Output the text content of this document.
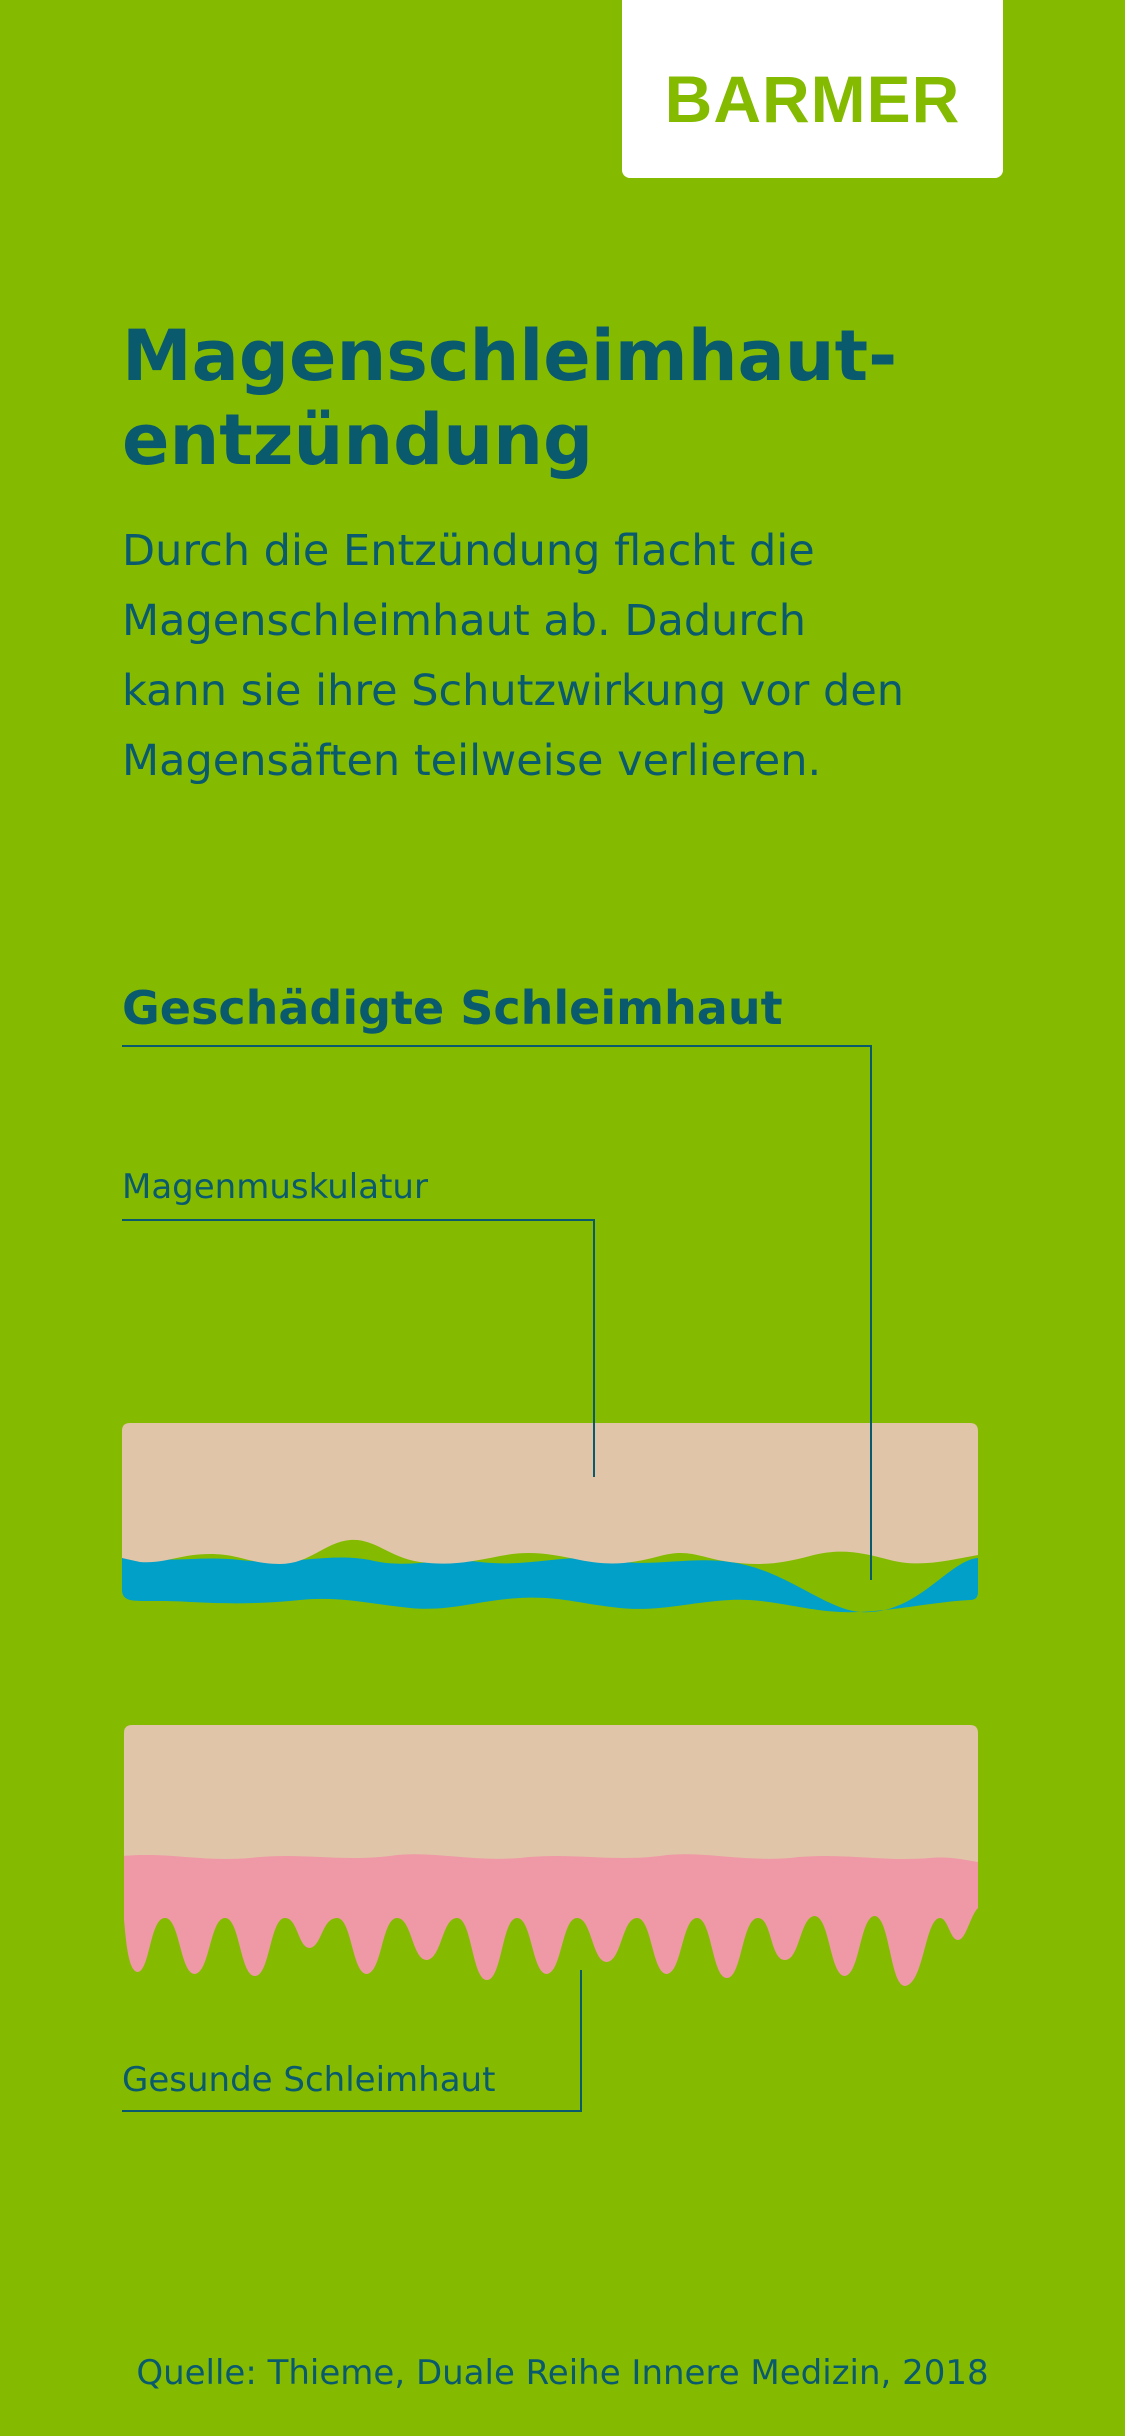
BARMER
Magenschleimhaut-
entzündung
Durch die Entzündung flacht die
Magenschleimhaut ab. Dadurch
kann sie ihre Schutzwirkung vor den
Magensäften teilweise verlieren.
Geschädigte Schleimhaut
Magenmuskulatur
Gesunde Schleimhaut
Quelle: Thieme, Duale Reihe Innere Medizin, 2018
